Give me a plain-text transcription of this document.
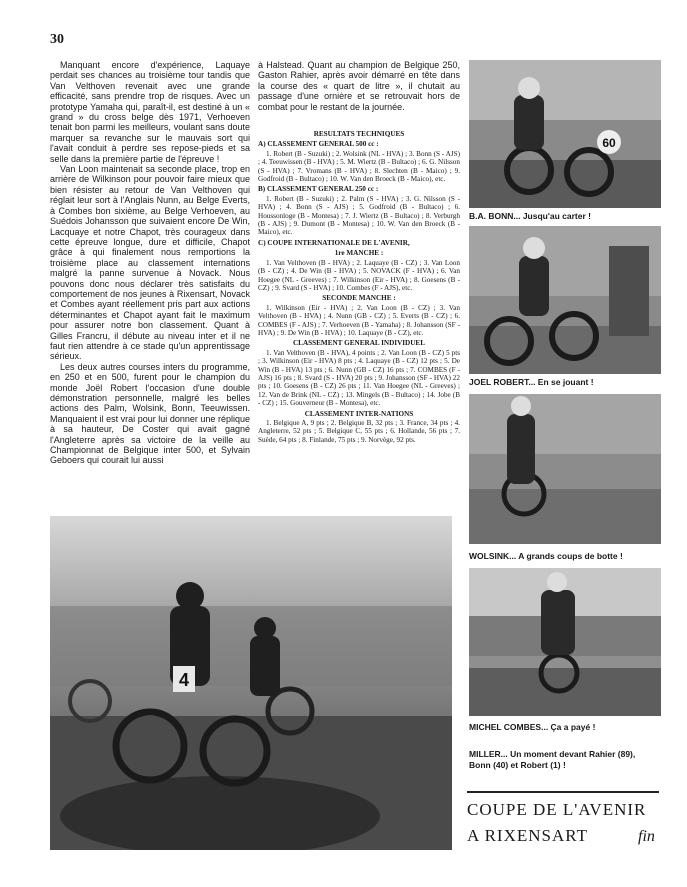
30

Manquant encore d'expérience, Laquaye perdait ses chances au troisième tour tandis que Van Velthoven revenait avec une grande efficacité, sans prendre trop de risques. Avec un prototype Yamaha qui, paraît-il, est destiné à un « grand » du cross belge dès 1971, Verhoeven tenait bon parmi les meilleurs, voulant sans doute marquer sa revanche sur le mauvais sort qui l'avait conduit à perdre ses repose-pieds et sa selle dans la première partie de l'épreuve !

Van Loon maintenait sa seconde place, trop en arrière de Wilkinson pour pouvoir faire mieux que bien résister au retour de Van Velthoven qui réglait leur sort à l'Anglais Nunn, au Belge Everts, à Combes bon sixième, au Belge Verhoeven, au Suédois Johansson que suivaient encore De Win, Lacquaye et notre Chapot, très courageux dans cette épreuve longue, dure et difficile, Chapot grâce à qui finalement nous remportions la troisième place au classement internations malgré la panne survenue à Novack. Nous pouvons donc nous déclarer très satisfaits du comportement de nos jeunes à Rixensart, Novack et Combes ayant réellement pris part aux actions déterminantes et Chapot ayant fait le maximum pour assurer notre bon classement. Quant à Gilles Francru, il débute au niveau inter et il ne faut rien attendre à ce stade qu'un apprentissage sérieux.

Les deux autres courses inters du programme, en 250 et en 500, furent pour le champion du monde Joël Robert l'occasion d'une double démonstration personnelle, malgré les belles actions des Palm, Wolsink, Bonn, Teeuwissen. Manquaient il est vrai pour lui donner une réplique à sa hauteur, De Coster qui avait gagné l'Angleterre après sa victoire de la veille au Championnat de Belgique inter 500, et Sylvain Geboers qui courait lui aussi

à Halstead. Quant au champion de Belgique 250, Gaston Rahier, après avoir démarré en tête dans la course des « quart de litre », il chutait au passage d'une ornière et se retrouvait hors de combat pour le restant de la journée.

RESULTATS TECHNIQUES
A) CLASSEMENT GENERAL 500 cc :

1. Robert (B - Suzuki) ; 2. Wolsink (NL - HVA) ; 3. Bonn (S - AJS) ; 4. Teeuwissen (B - HVA) ; 5. M. Wiertz (B - Bultaco) ; 6. G. Nilsson (S - HVA) ; 7. Vromans (B - HVA) ; 8. Slechten (B - Maico) ; 9. Godfroid (B - Bultaco) ; 10. W. Van den Broeck (B - Maico), etc.

B) CLASSEMENT GENERAL 250 cc :

1. Robert (B - Suzuki) ; 2. Palm (S - HVA) ; 3. G. Nilsson (S - HVA) ; 4. Bonn (S - AJS) ; 5. Godfroid (B - Bultaco) ; 6. Houssonloge (B - Montesa) ; 7. J. Wiertz (B - Bultaco) ; 8. Verburgh (B - AJS) ; 9. Dumont (B - Montesa) ; 10. W. Van den Broeck (B - Maico), etc.

C) COUPE INTERNATIONALE DE L'AVENIR,
1re MANCHE :

1. Van Velthoven (B - HVA) ; 2. Laquaye (B - CZ) ; 3. Van Loon (B - CZ) ; 4. De Win (B - HVA) ; 5. NOVACK (F - HVA) ; 6. Van Hoegee (NL - Greeves) ; 7. Wilkinson (Eir - HVA) ; 8. Goesens (B - CZ) ; 9. Svard (S - HVA) ; 10. Combes (F - AJS), etc.

SECONDE MANCHE :

1. Wilkinson (Eir - HVA) ; 2. Van Loon (B - CZ) ; 3. Van Velthoven (B - HVA) ; 4. Nunn (GB - CZ) ; 5. Everts (B - CZ) ; 6. COMBES (F - AJS) ; 7. Verhoeven (B - Yamaha) ; 8. Johansson (SF - HVA) ; 9. De Win (B - HVA) ; 10. Laquaye (B - CZ), etc.

CLASSEMENT GENERAL INDIVIDUEL

1. Van Velthoven (B - HVA), 4 points ; 2. Van Loon (B - CZ) 5 pts ; 3. Wilkinson (Eir - HVA) 8 pts ; 4. Laquaye (B - CZ) 12 pts ; 5. De Win (B - HVA) 13 pts ; 6. Nunn (GB - CZ) 16 pts ; 7. COMBES (F - AJS) 16 pts ; 8. Svard (S - HVA) 20 pts ; 9. Johansson (SF - HVA) 22 pts ; 10. Goesens (B - CZ) 26 pts ; 11. Van Hoegee (NL - Greeves) ; 12. Van de Brink (NL - CZ) ; 13. Mingels (B - Bultaco) ; 14. Jobe (B - CZ) ; 15. Gouverneur (B - Montesa), etc.

CLASSEMENT INTER-NATIONS

1. Belgique A, 9 pts ; 2. Belgique B, 32 pts ; 3. France, 34 pts ; 4. Angleterre, 52 pts ; 5. Belgique C, 55 pts ; 6. Hollande, 56 pts ; 7. Suède, 64 pts ; 8. Finlande, 75 pts ; 9. Norvège, 92 pts.

4
60
B.A. BONN... Jusqu'au carter !
JOEL ROBERT... En se jouant !
WOLSINK... A grands coups de botte !
MICHEL COMBES... Ça a payé !
MILLER... Un moment devant Rahier (89), Bonn (40) et Robert (1) !
COUPE DE L'AVENIR
A RIXENSART	fin
